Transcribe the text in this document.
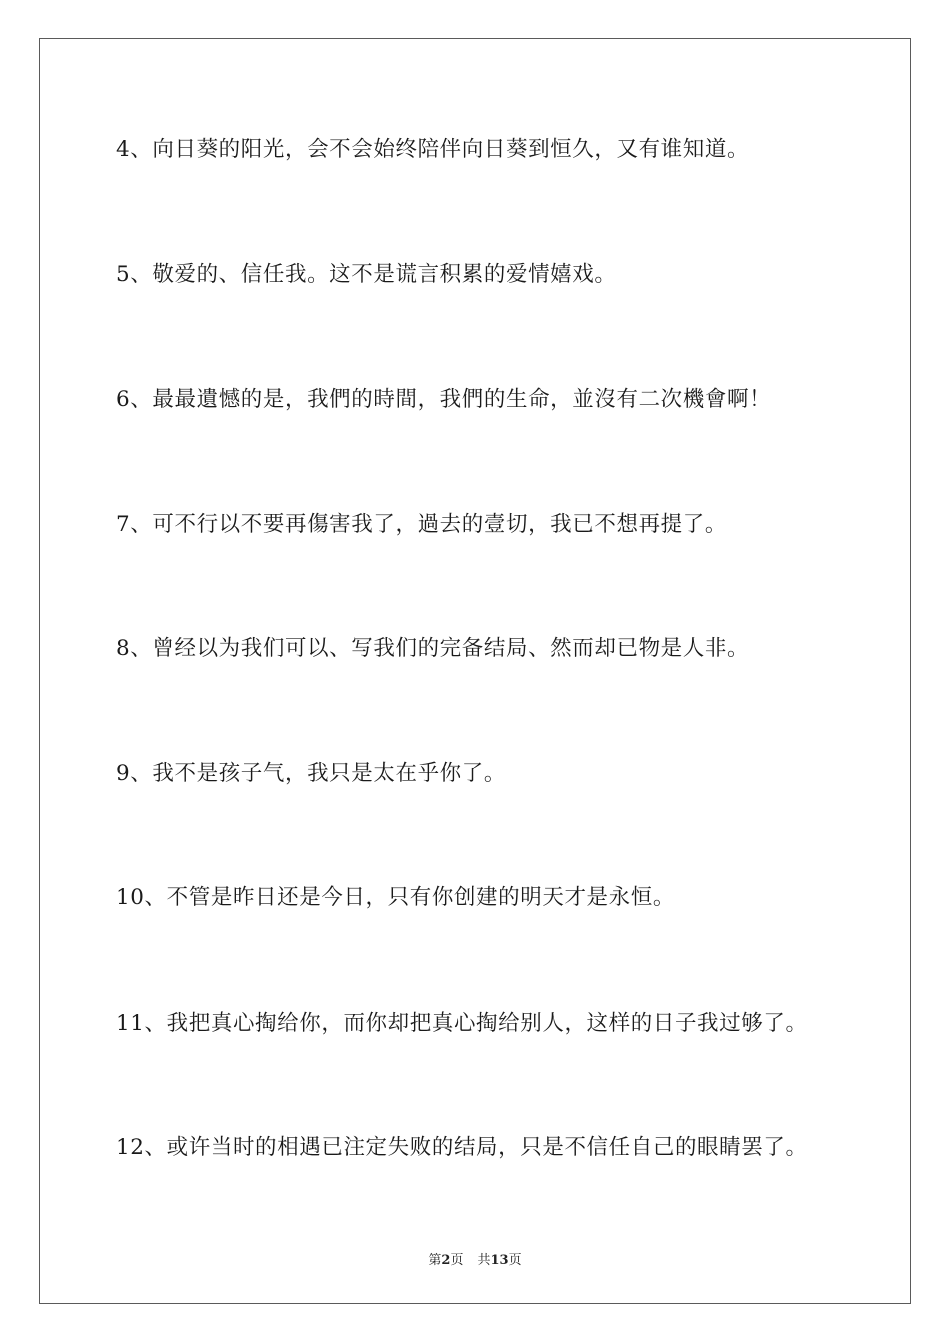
4、向日葵的阳光，会不会始终陪伴向日葵到恒久，又有谁知道。
5、敬爱的、信任我。这不是谎言积累的爱情嬉戏。
6、最最遺憾的是，我們的時間，我們的生命，並沒有二次機會啊！
7、可不行以不要再傷害我了，過去的壹切，我已不想再提了。
8、曾经以为我们可以、写我们的完备结局、然而却已物是人非。
9、我不是孩子气，我只是太在乎你了。
10、不管是昨日还是今日，只有你创建的明天才是永恒。
11、我把真心掏给你，而你却把真心掏给别人，这样的日子我过够了。
12、或许当时的相遇已注定失败的结局，只是不信任自己的眼睛罢了。
第2页 共13页
